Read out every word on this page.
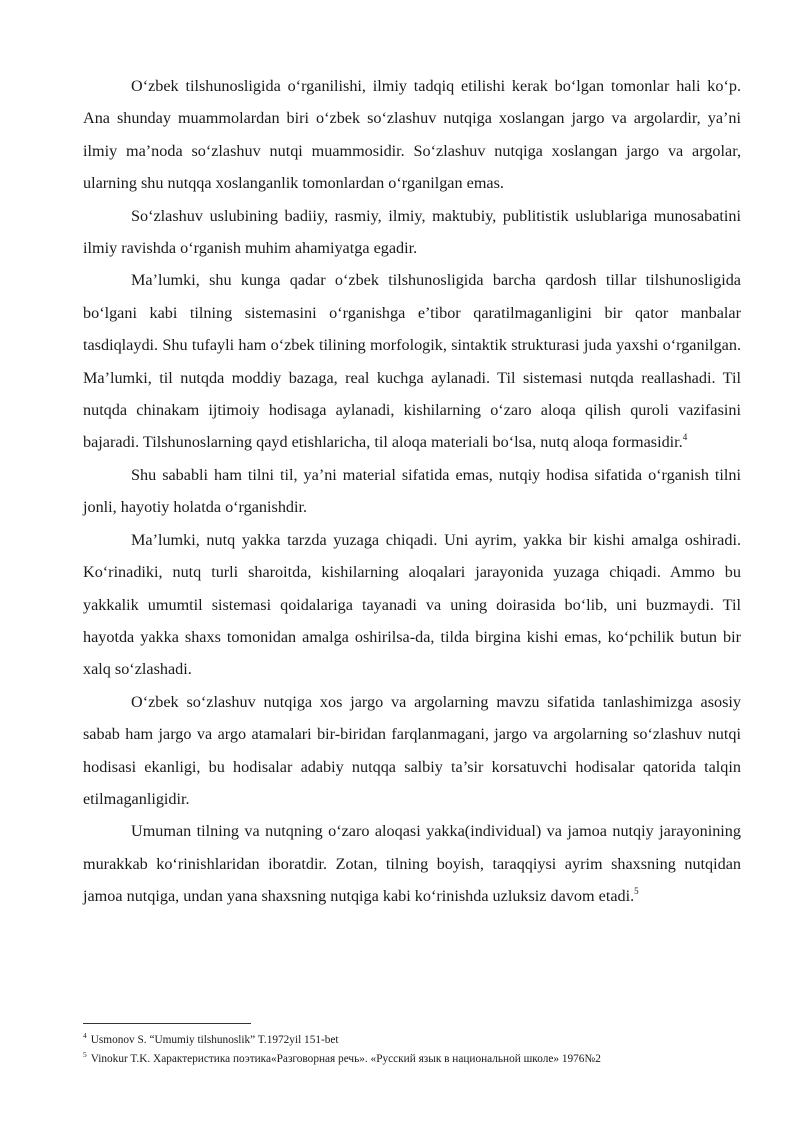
O‘zbek tilshunosligida o‘rganilishi, ilmiy tadqiq etilishi kerak bo‘lgan tomonlar hali ko‘p. Ana shunday muammolardan biri o‘zbek so‘zlashuv nutqiga xoslangan jargo va argolardir, ya’ni ilmiy ma’noda so‘zlashuv nutqi muammosidir. So‘zlashuv nutqiga xoslangan jargo va argolar, ularning shu nutqqa xoslanganlik tomonlardan o‘rganilgan emas.

So‘zlashuv uslubining badiiy, rasmiy, ilmiy, maktubiy, publitistik uslublariga munosabatini ilmiy ravishda o‘rganish muhim ahamiyatga egadir.

Ma’lumki, shu kunga qadar o‘zbek tilshunosligida barcha qardosh tillar tilshunosligida bo‘lgani kabi tilning sistemasini o‘rganishga e’tibor qaratilmaganligini bir qator manbalar tasdiqlaydi. Shu tufayli ham o‘zbek tilining morfologik, sintaktik strukturasi juda yaxshi o‘rganilgan. Ma’lumki, til nutqda moddiy bazaga, real kuchga aylanadi. Til sistemasi nutqda reallashadi. Til nutqda chinakam ijtimoiy hodisaga aylanadi, kishilarning o‘zaro aloqa qilish quroli vazifasini bajaradi. Tilshunoslarning qayd etishlaricha, til aloqa materiali bo‘lsa, nutq aloqa formasidir.$^4$

Shu sababli ham tilni til, ya’ni material sifatida emas, nutqiy hodisa sifatida o‘rganish tilni jonli, hayotiy holatda o‘rganishdir.

Ma’lumki, nutq yakka tarzda yuzaga chiqadi. Uni ayrim, yakka bir kishi amalga oshiradi. Ko‘rinadiki, nutq turli sharoitda, kishilarning aloqalari jarayonida yuzaga chiqadi. Ammo bu yakkalik umumtil sistemasi qoidalariga tayanadi va uning doirasida bo‘lib, uni buzmaydi. Til hayotda yakka shaxs tomonidan amalga oshirilsa-da, tilda birgina kishi emas, ko‘pchilik butun bir xalq so‘zlashadi.

O‘zbek so‘zlashuv nutqiga xos jargo va argolarning mavzu sifatida tanlashimizga asosiy sabab ham jargo va argo atamalari bir-biridan farqlanmagani, jargo va argolarning so‘zlashuv nutqi hodisasi ekanligi, bu hodisalar adabiy nutqqa salbiy ta’sir korsatuvchi hodisalar qatorida talqin etilmaganligidir.

Umuman tilning va nutqning o‘zaro aloqasi yakka(individual) va jamoa nutqiy jarayonining murakkab ko‘rinishlaridan iboratdir. Zotan, tilning boyish, taraqqiysi ayrim shaxsning nutqidan jamoa nutqiga, undan yana shaxsning nutqiga kabi ko‘rinishda uzluksiz davom etadi.$^5$

$^4$ Usmonov S. “Umumiy tilshunoslik” T.1972yil 151-bet

$^5$ Vinokur T.K. Характеристика поэтика«Разговорная речь». «Русский язык в национальной школе» 1976№2
